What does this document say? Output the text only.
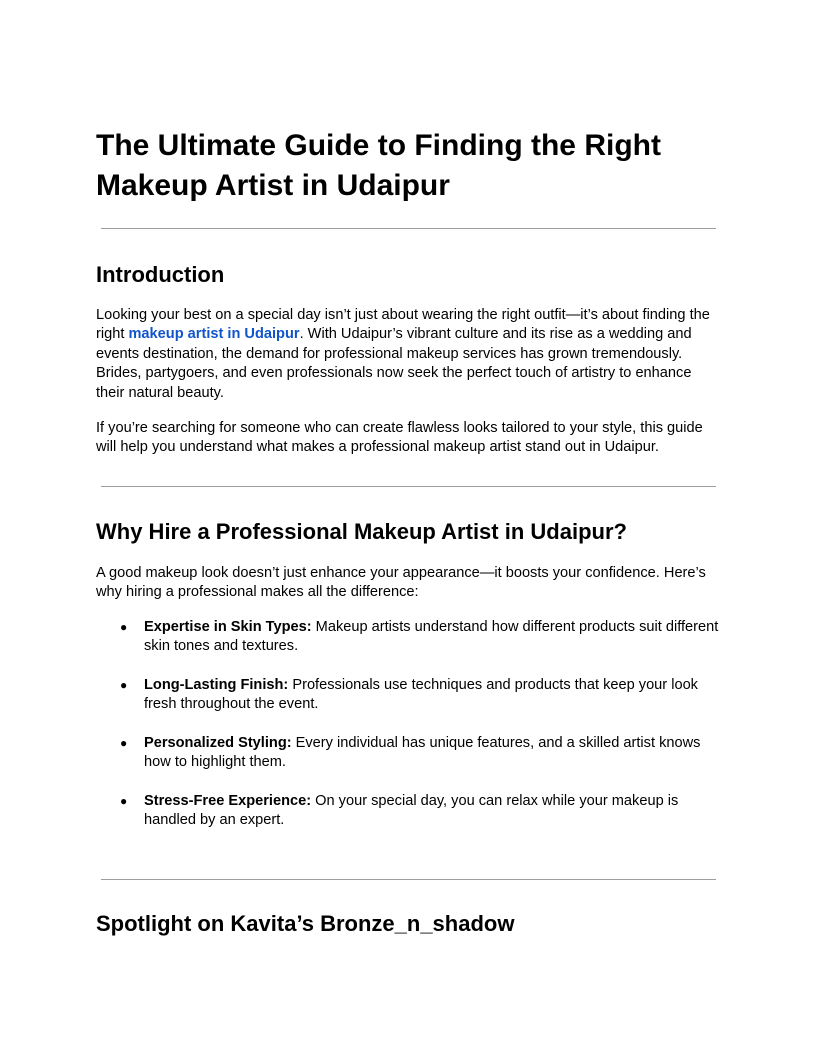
The Ultimate Guide to Finding the Right Makeup Artist in Udaipur
Introduction

Looking your best on a special day isn’t just about wearing the right outfit—it’s about finding the right makeup artist in Udaipur. With Udaipur’s vibrant culture and its rise as a wedding and events destination, the demand for professional makeup services has grown tremendously. Brides, partygoers, and even professionals now seek the perfect touch of artistry to enhance their natural beauty.

If you’re searching for someone who can create flawless looks tailored to your style, this guide will help you understand what makes a professional makeup artist stand out in Udaipur.

Why Hire a Professional Makeup Artist in Udaipur?

A good makeup look doesn’t just enhance your appearance—it boosts your confidence. Here’s why hiring a professional makes all the difference:

● Expertise in Skin Types: Makeup artists understand how different products suit different skin tones and textures.
● Long-Lasting Finish: Professionals use techniques and products that keep your look fresh throughout the event.
● Personalized Styling: Every individual has unique features, and a skilled artist knows how to highlight them.
● Stress-Free Experience: On your special day, you can relax while your makeup is handled by an expert.
Spotlight on Kavita’s Bronze_n_shadow
